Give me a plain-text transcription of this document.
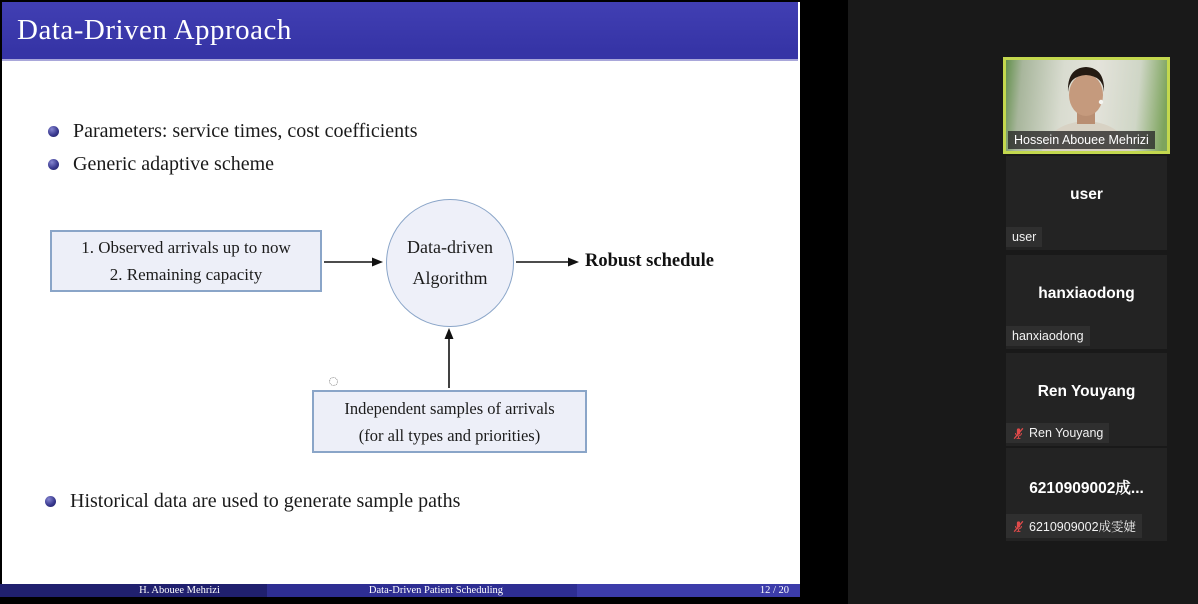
Data-Driven Approach
Parameters: service times, cost coefficients
Generic adaptive scheme
1. Observed arrivals up to now
2. Remaining capacity
Data-driven
Algorithm
Robust schedule
Independent samples of arrivals
(for all types and priorities)
Historical data are used to generate sample paths
H. Abouee Mehrizi	Data-Driven Patient Scheduling	12 / 20
Hossein Abouee Mehrizi
user
user
hanxiaodong
hanxiaodong
Ren Youyang
Ren Youyang
6210909002成...
6210909002成雯婕
